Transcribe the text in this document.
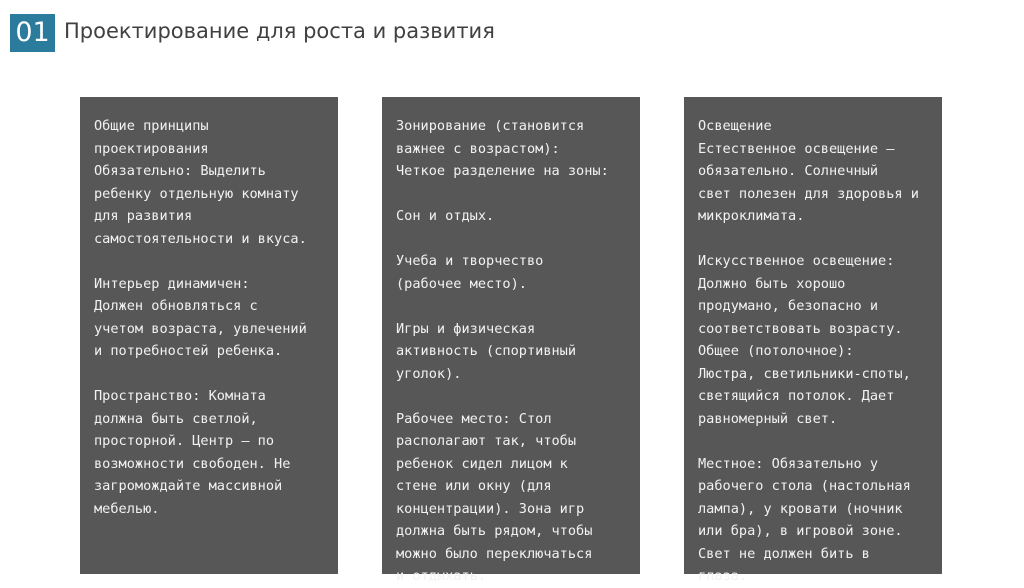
01 Проектирование для роста и развития

Общие принципы
проектирования
Обязательно: Выделить
ребенку отдельную комнату
для развития
самостоятельности и вкуса.

Интерьер динамичен:
Должен обновляться с
учетом возраста, увлечений
и потребностей ребенка.

Пространство: Комната
должна быть светлой,
просторной. Центр — по
возможности свободен. Не
загромождайте массивной
мебелью.

Зонирование (становится
важнее с возрастом):
Четкое разделение на зоны:

Сон и отдых.

Учеба и творчество
(рабочее место).

Игры и физическая
активность (спортивный
уголок).

Рабочее место: Стол
располагают так, чтобы
ребенок сидел лицом к
стене или окну (для
концентрации). Зона игр
должна быть рядом, чтобы
можно было переключаться
и отдыхать.

Освещение
Естественное освещение —
обязательно. Солнечный
свет полезен для здоровья и
микроклимата.

Искусственное освещение:
Должно быть хорошо
продумано, безопасно и
соответствовать возрасту.
Общее (потолочное):
Люстра, светильники-споты,
светящийся потолок. Дает
равномерный свет.

Местное: Обязательно у
рабочего стола (настольная
лампа), у кровати (ночник
или бра), в игровой зоне.
Свет не должен бить в
глаза.
